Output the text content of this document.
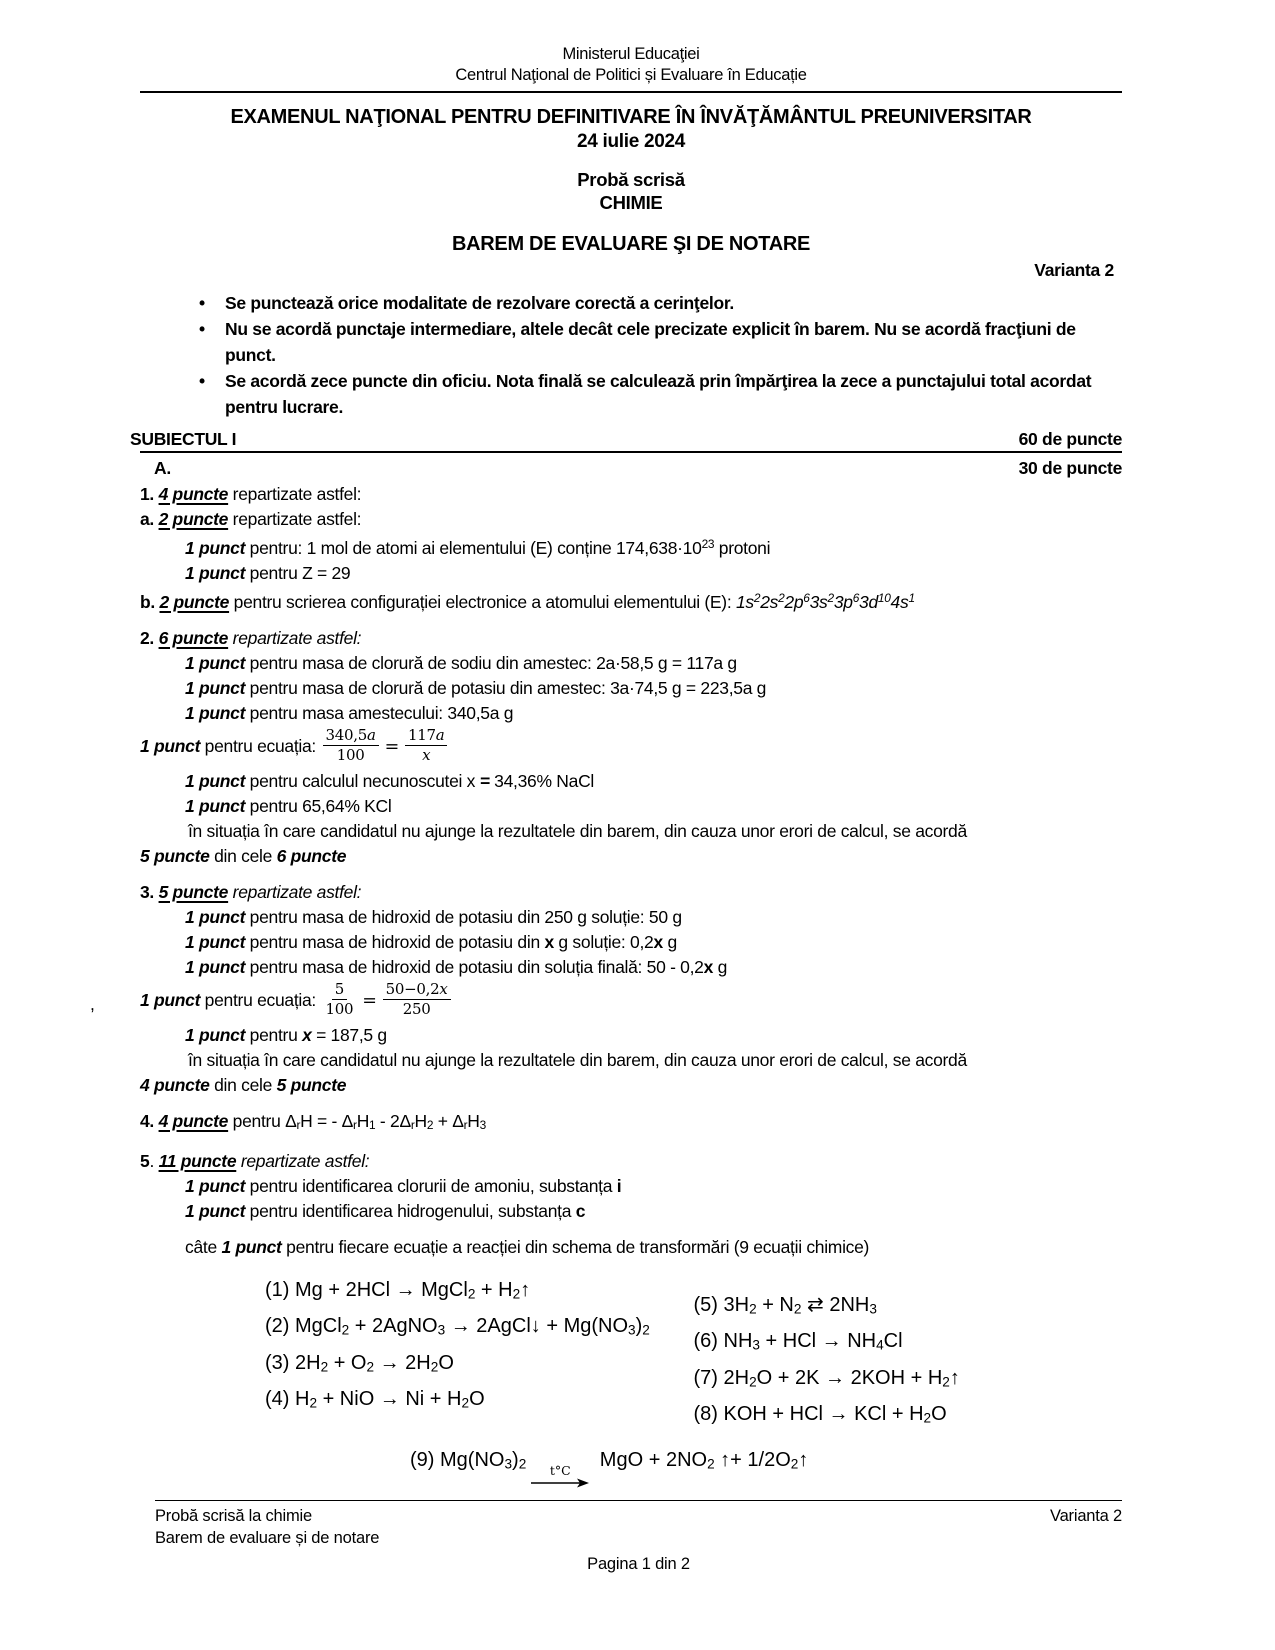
Ministerul Educaţiei
Centrul Naţional de Politici și Evaluare în Educație
EXAMENUL NAŢIONAL PENTRU DEFINITIVARE ÎN ÎNVĂŢĂMÂNTUL PREUNIVERSITAR
24 iulie 2024
Probă scrisă
CHIMIE
BAREM DE EVALUARE ŞI DE NOTARE
Varianta 2
• Se punctează orice modalitate de rezolvare corectă a cerinţelor.
• Nu se acordă punctaje intermediare, altele decât cele precizate explicit în barem. Nu se acordă fracţiuni de punct.
• Se acordă zece puncte din oficiu. Nota finală se calculează prin împărţirea la zece a punctajului total acordat pentru lucrare.
SUBIECTUL I	60 de puncte
A.	30 de puncte
1. 4 puncte repartizate astfel:
a. 2 puncte repartizate astfel:
1 punct pentru: 1 mol de atomi ai elementului (E) conține $174,638\cdot 10^{23}$ protoni
1 punct pentru Z = 29
b. 2 puncte pentru scrierea configurației electronice a atomului elementului (E): $1s^22s^22p^63s^23p^63d^{10}4s^1$
2. 6 puncte repartizate astfel:
1 punct pentru masa de clorură de sodiu din amestec: 2a·58,5 g = 117a g
1 punct pentru masa de clorură de potasiu din amestec: 3a·74,5 g = 223,5a g
1 punct pentru masa amestecului: 340,5a g
1 punct pentru ecuația: $\frac{340,5a}{100} = \frac{117a}{x}$
1 punct pentru calculul necunoscutei x = 34,36% NaCl
1 punct pentru 65,64% KCl
în situația în care candidatul nu ajunge la rezultatele din barem, din cauza unor erori de calcul, se acordă
5 puncte din cele 6 puncte
3. 5 puncte repartizate astfel:
1 punct pentru masa de hidroxid de potasiu din 250 g soluție: 50 g
1 punct pentru masa de hidroxid de potasiu din x g soluție: 0,2x g
1 punct pentru masa de hidroxid de potasiu din soluția finală: 50 - 0,2x g
,	1 punct pentru ecuația: $\frac{5}{100} = \frac{50-0,2x}{250}$
1 punct pentru x = 187,5 g
în situația în care candidatul nu ajunge la rezultatele din barem, din cauza unor erori de calcul, se acordă
4 puncte din cele 5 puncte
4. 4 puncte pentru ΔrH = - ΔrH1 - 2ΔrH2 + ΔrH3
5. 11 puncte repartizate astfel:
1 punct pentru identificarea clorurii de amoniu, substanța i
1 punct pentru identificarea hidrogenului, substanța c
câte 1 punct pentru fiecare ecuație a reacției din schema de transformări (9 ecuații chimice)
(1) Mg + 2HCl → MgCl2 + H2↑
(2) MgCl2 + 2AgNO3 → 2AgCl↓ + Mg(NO3)2
(3) 2H2 + O2 → 2H2O
(4) H2 + NiO → Ni + H2O
(5) 3H2 + N2 ⇄ 2NH3
(6) NH3 + HCl → NH4Cl
(7) 2H2O + 2K → 2KOH + H2↑
(8) KOH + HCl → KCl + H2O
(9) Mg(NO3)2 t°C MgO + 2NO2 ↑+ 1/2O2↑
Probă scrisă la chimie	Varianta 2
Barem de evaluare și de notare
Pagina 1 din 2
